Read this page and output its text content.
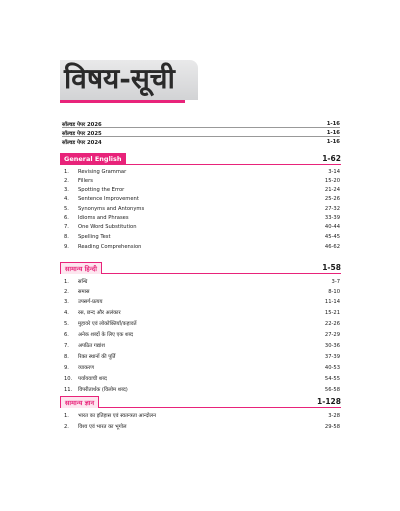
विषय-सूची
सॉल्वड पेपर 2026	1-16
सॉल्वड पेपर 2025	1-16
सॉल्वड पेपर 2024	1-16
General English	1-62
1. Revising Grammar	3-14
2. Fillers	15-20
3. Spotting the Error	21-24
4. Sentence Improvement	25-26
5. Synonyms and Antonyms	27-32
6. Idioms and Phrases	33-39
7. One Word Substitution	40-44
8. Spelling Test	45-45
9. Reading Comprehension	46-62
सामान्य हिन्दी	1-58
1. सन्धि	3-7
2. समास	8-10
3. उपसर्ग-प्रत्यय	11-14
4. रस, छन्द और अलंकार	15-21
5. मुहावरे एवं लोकोक्तियाँ/कहावतें	22-26
6. अनेक शब्दों के लिए एक शब्द	27-29
7. अपठित गद्यांश	30-36
8. रिक्त स्थानों की पूर्ति	37-39
9. व्याकरण	40-53
10. पर्यायवाची शब्द	54-55
11. विपरीतार्थक (विलोम शब्द)	56-58
सामान्य ज्ञान	1-128
1. भारत का इतिहास एवं स्वतन्त्रता आन्दोलन	3-28
2. विश्व एवं भारत का भूगोल	29-58
